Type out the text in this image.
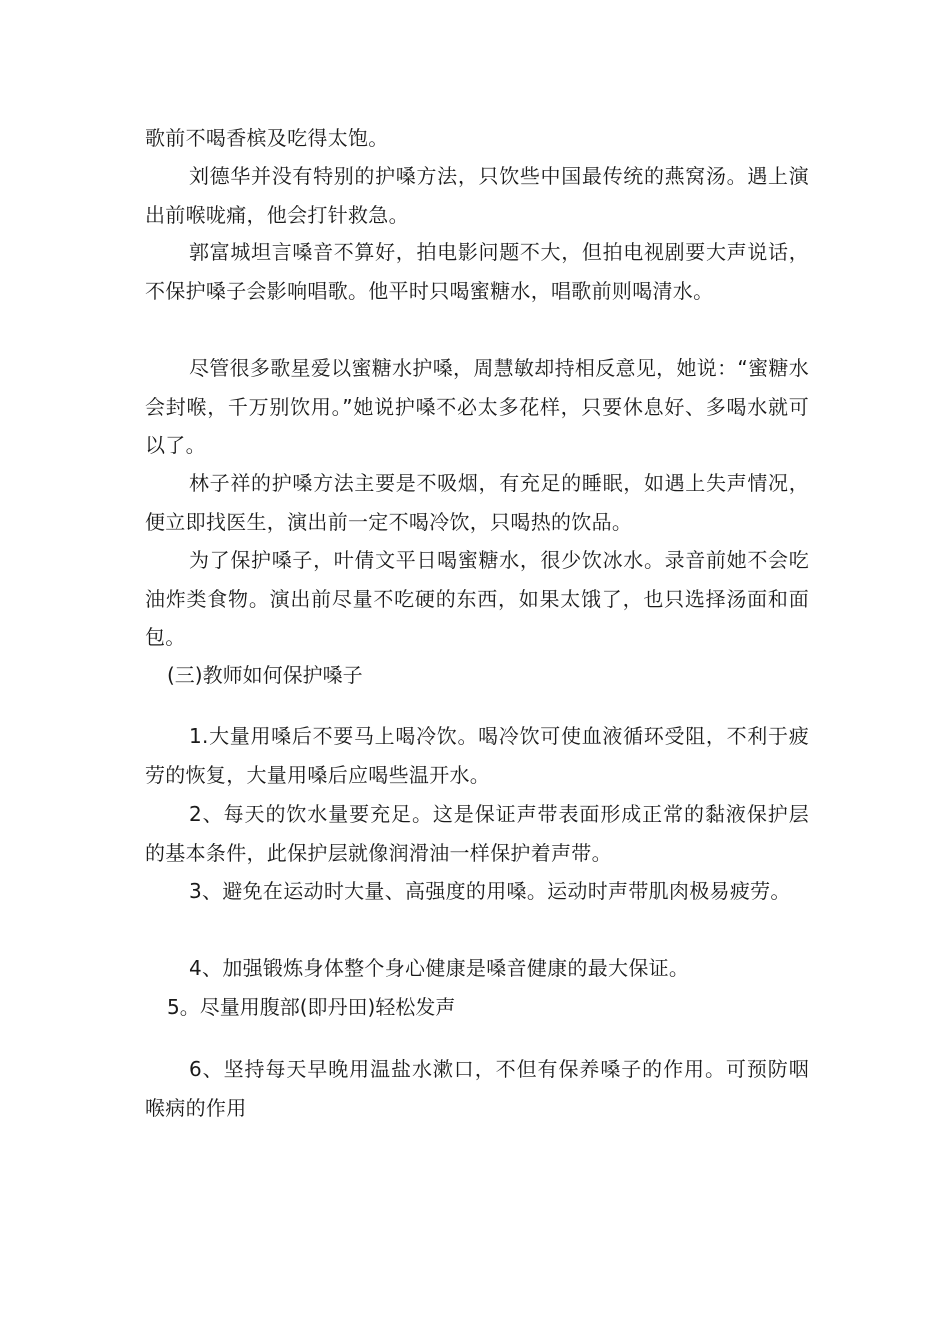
歌前不喝香槟及吃得太饱。

刘德华并没有特别的护嗓方法，只饮些中国最传统的燕窝汤。遇上演出前喉咙痛，他会打针救急。

郭富城坦言嗓音不算好，拍电影问题不大，但拍电视剧要大声说话，不保护嗓子会影响唱歌。他平时只喝蜜糖水，唱歌前则喝清水。

尽管很多歌星爱以蜜糖水护嗓，周慧敏却持相反意见，她说：“蜜糖水会封喉，千万别饮用。”她说护嗓不必太多花样，只要休息好、多喝水就可以了。

林子祥的护嗓方法主要是不吸烟，有充足的睡眠，如遇上失声情况，便立即找医生，演出前一定不喝冷饮，只喝热的饮品。

为了保护嗓子，叶倩文平日喝蜜糖水，很少饮冰水。录音前她不会吃油炸类食物。演出前尽量不吃硬的东西，如果太饿了，也只选择汤面和面包。

(三)教师如何保护嗓子

1.大量用嗓后不要马上喝冷饮。喝冷饮可使血液循环受阻，不利于疲劳的恢复，大量用嗓后应喝些温开水。

2、每天的饮水量要充足。这是保证声带表面形成正常的黏液保护层的基本条件，此保护层就像润滑油一样保护着声带。

3、避免在运动时大量、高强度的用嗓。运动时声带肌肉极易疲劳。

4、加强锻炼身体整个身心健康是嗓音健康的最大保证。

5。尽量用腹部(即丹田)轻松发声

6、坚持每天早晚用温盐水漱口，不但有保养嗓子的作用。可预防咽喉病的作用
